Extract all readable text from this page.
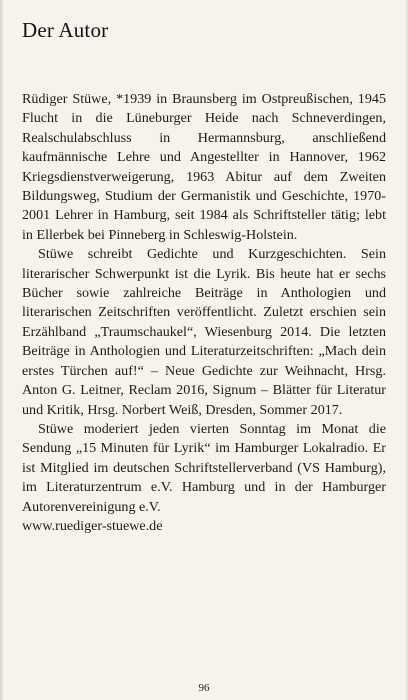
Der Autor

Rüdiger Stüwe, *1939 in Braunsberg im Ostpreußischen, 1945 Flucht in die Lüneburger Heide nach Schneverdingen, Realschulabschluss in Hermannsburg, anschließend kaufmännische Lehre und Angestellter in Hannover, 1962 Kriegsdienstverweigerung, 1963 Abitur auf dem Zweiten Bildungsweg, Studium der Germanistik und Geschichte, 1970-2001 Lehrer in Hamburg, seit 1984 als Schriftsteller tätig; lebt in Ellerbek bei Pinneberg in Schleswig-Holstein.

Stüwe schreibt Gedichte und Kurzgeschichten. Sein literarischer Schwerpunkt ist die Lyrik. Bis heute hat er sechs Bücher sowie zahlreiche Beiträge in Anthologien und literarischen Zeitschriften veröffentlicht. Zuletzt erschien sein Erzählband „Traumschaukel“, Wiesenburg 2014. Die letzten Beiträge in Anthologien und Literaturzeitschriften: „Mach dein erstes Türchen auf!“ – Neue Gedichte zur Weihnacht, Hrsg. Anton G. Leitner, Reclam 2016, Signum – Blätter für Literatur und Kritik, Hrsg. Norbert Weiß, Dresden, Sommer 2017.

Stüwe moderiert jeden vierten Sonntag im Monat die Sendung „15 Minuten für Lyrik“ im Hamburger Lokalradio. Er ist Mitglied im deutschen Schriftstellerverband (VS Hamburg), im Literaturzentrum e.V. Hamburg und in der Hamburger Autorenvereinigung e.V.

www.ruediger-stuewe.de

96
